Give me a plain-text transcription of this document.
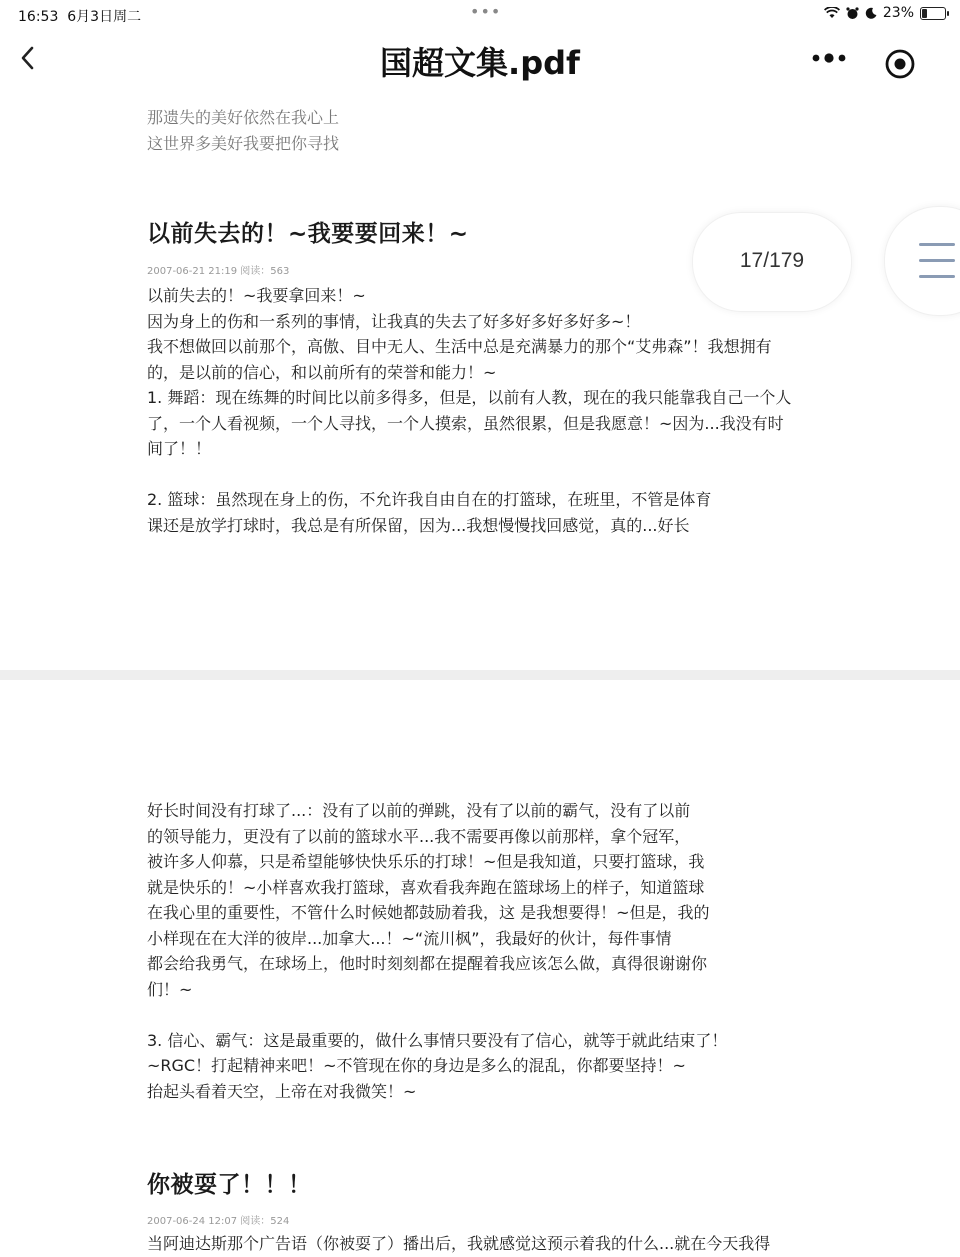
16:53 6月3日周二	•••	23%
国超文集.pdf
那遗失的美好依然在我心上
这世界多美好我要把你寻找
以前失去的！~我要要回来！~
2007-06-21 21:19 阅读：563

以前失去的！~我要拿回来！~

因为身上的伤和一系列的事情，让我真的失去了好多好多好多好多~！

我不想做回以前那个，高傲、目中无人、生活中总是充满暴力的那个“艾弗森”！我想拥有

的，是以前的信心，和以前所有的荣誉和能力！~

1. 舞蹈：现在练舞的时间比以前多得多，但是，以前有人教，现在的我只能靠我自己一个人

了，一个人看视频，一个人寻找，一个人摸索，虽然很累，但是我愿意！~因为...我没有时

间了！！

2. 篮球：虽然现在身上的伤，不允许我自由自在的打篮球，在班里，不管是体育

课还是放学打球时，我总是有所保留，因为...我想慢慢找回感觉，真的...好长

好长时间没有打球了...：没有了以前的弹跳，没有了以前的霸气，没有了以前

的领导能力，更没有了以前的篮球水平...我不需要再像以前那样，拿个冠军，

被许多人仰慕，只是希望能够快快乐乐的打球！~但是我知道，只要打篮球，我

就是快乐的！~小样喜欢我打篮球，喜欢看我奔跑在篮球场上的样子，知道篮球

在我心里的重要性，不管什么时候她都鼓励着我，这 是我想要得！~但是，我的

小样现在在大洋的彼岸...加拿大...！~“流川枫”，我最好的伙计，每件事情

都会给我勇气，在球场上，他时时刻刻都在提醒着我应该怎么做，真得很谢谢你

们！~

3. 信心、霸气：这是最重要的，做什么事情只要没有了信心，就等于就此结束了！

~RGC！打起精神来吧！~不管现在你的身边是多么的混乱，你都要坚持！~

抬起头看着天空，上帝在对我微笑！~

你被耍了！！！
2007-06-24 12:07 阅读：524

当阿迪达斯那个广告语（你被耍了）播出后，我就感觉这预示着我的什么...就在今天我得

17/179
